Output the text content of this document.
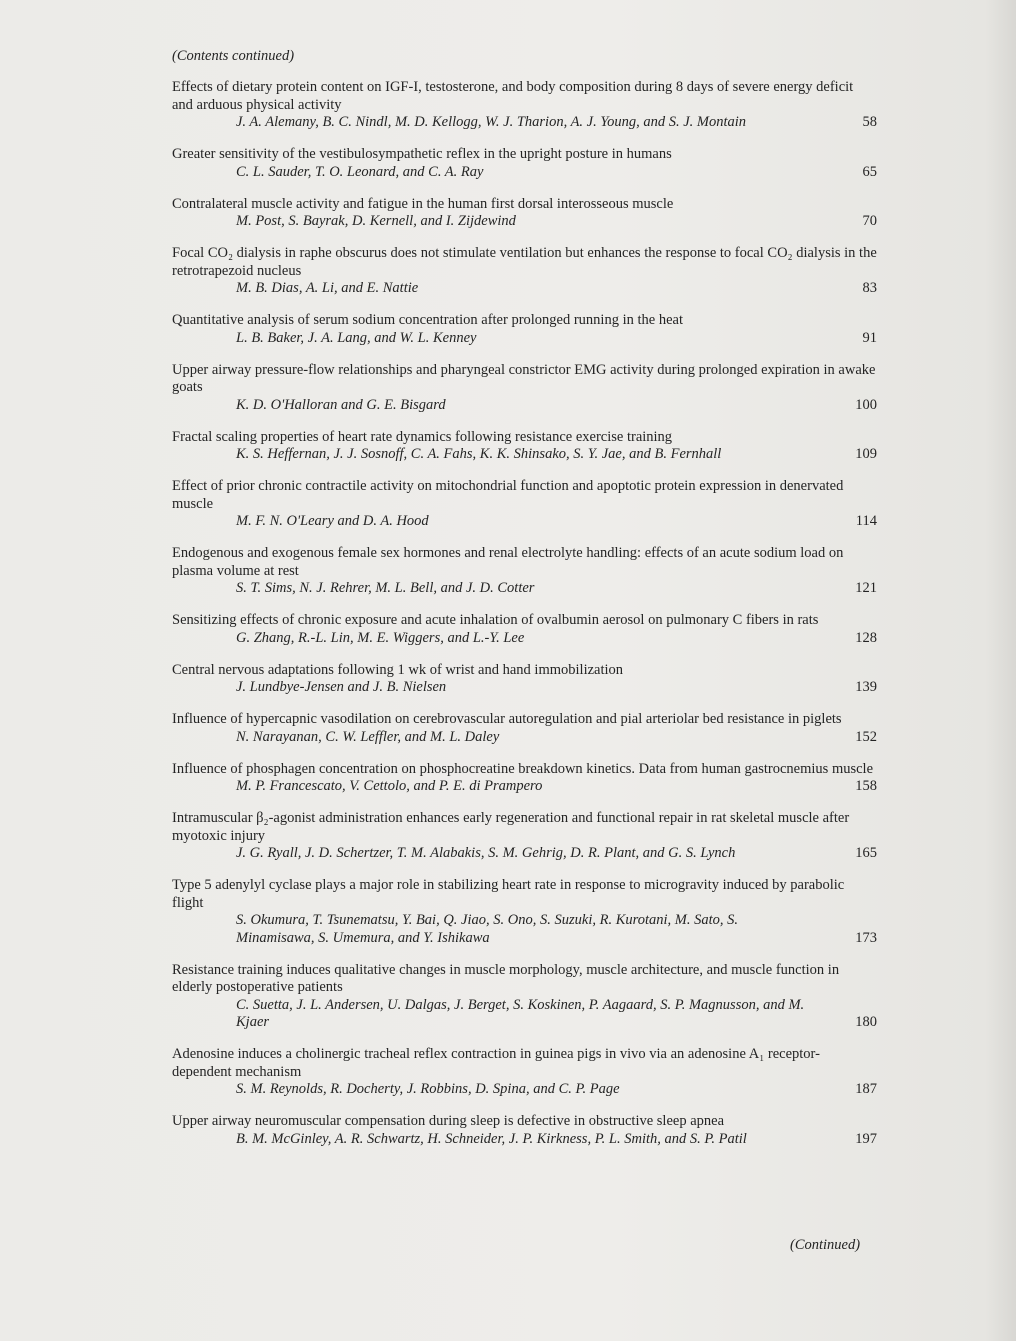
(Contents continued)
Effects of dietary protein content on IGF-I, testosterone, and body composition during 8 days of severe energy deficit and arduous physical activity
J. A. Alemany, B. C. Nindl, M. D. Kellogg, W. J. Tharion, A. J. Young, and S. J. Montain	58
Greater sensitivity of the vestibulosympathetic reflex in the upright posture in humans
C. L. Sauder, T. O. Leonard, and C. A. Ray	65
Contralateral muscle activity and fatigue in the human first dorsal interosseous muscle
M. Post, S. Bayrak, D. Kernell, and I. Zijdewind	70
Focal CO₂ dialysis in raphe obscurus does not stimulate ventilation but enhances the response to focal CO₂ dialysis in the retrotrapezoid nucleus
M. B. Dias, A. Li, and E. Nattie	83
Quantitative analysis of serum sodium concentration after prolonged running in the heat
L. B. Baker, J. A. Lang, and W. L. Kenney	91
Upper airway pressure-flow relationships and pharyngeal constrictor EMG activity during prolonged expiration in awake goats
K. D. O'Halloran and G. E. Bisgard	100
Fractal scaling properties of heart rate dynamics following resistance exercise training
K. S. Heffernan, J. J. Sosnoff, C. A. Fahs, K. K. Shinsako, S. Y. Jae, and B. Fernhall	109
Effect of prior chronic contractile activity on mitochondrial function and apoptotic protein expression in denervated muscle
M. F. N. O'Leary and D. A. Hood	114
Endogenous and exogenous female sex hormones and renal electrolyte handling: effects of an acute sodium load on plasma volume at rest
S. T. Sims, N. J. Rehrer, M. L. Bell, and J. D. Cotter	121
Sensitizing effects of chronic exposure and acute inhalation of ovalbumin aerosol on pulmonary C fibers in rats
G. Zhang, R.-L. Lin, M. E. Wiggers, and L.-Y. Lee	128
Central nervous adaptations following 1 wk of wrist and hand immobilization
J. Lundbye-Jensen and J. B. Nielsen	139
Influence of hypercapnic vasodilation on cerebrovascular autoregulation and pial arteriolar bed resistance in piglets
N. Narayanan, C. W. Leffler, and M. L. Daley	152
Influence of phosphagen concentration on phosphocreatine breakdown kinetics. Data from human gastrocnemius muscle
M. P. Francescato, V. Cettolo, and P. E. di Prampero	158
Intramuscular β₂-agonist administration enhances early regeneration and functional repair in rat skeletal muscle after myotoxic injury
J. G. Ryall, J. D. Schertzer, T. M. Alabakis, S. M. Gehrig, D. R. Plant, and G. S. Lynch	165
Type 5 adenylyl cyclase plays a major role in stabilizing heart rate in response to microgravity induced by parabolic flight
S. Okumura, T. Tsunematsu, Y. Bai, Q. Jiao, S. Ono, S. Suzuki, R. Kurotani, M. Sato, S. Minamisawa, S. Umemura, and Y. Ishikawa	173
Resistance training induces qualitative changes in muscle morphology, muscle architecture, and muscle function in elderly postoperative patients
C. Suetta, J. L. Andersen, U. Dalgas, J. Berget, S. Koskinen, P. Aagaard, S. P. Magnusson, and M. Kjaer	180
Adenosine induces a cholinergic tracheal reflex contraction in guinea pigs in vivo via an adenosine A₁ receptor-dependent mechanism
S. M. Reynolds, R. Docherty, J. Robbins, D. Spina, and C. P. Page	187
Upper airway neuromuscular compensation during sleep is defective in obstructive sleep apnea
B. M. McGinley, A. R. Schwartz, H. Schneider, J. P. Kirkness, P. L. Smith, and S. P. Patil	197
(Continued)
